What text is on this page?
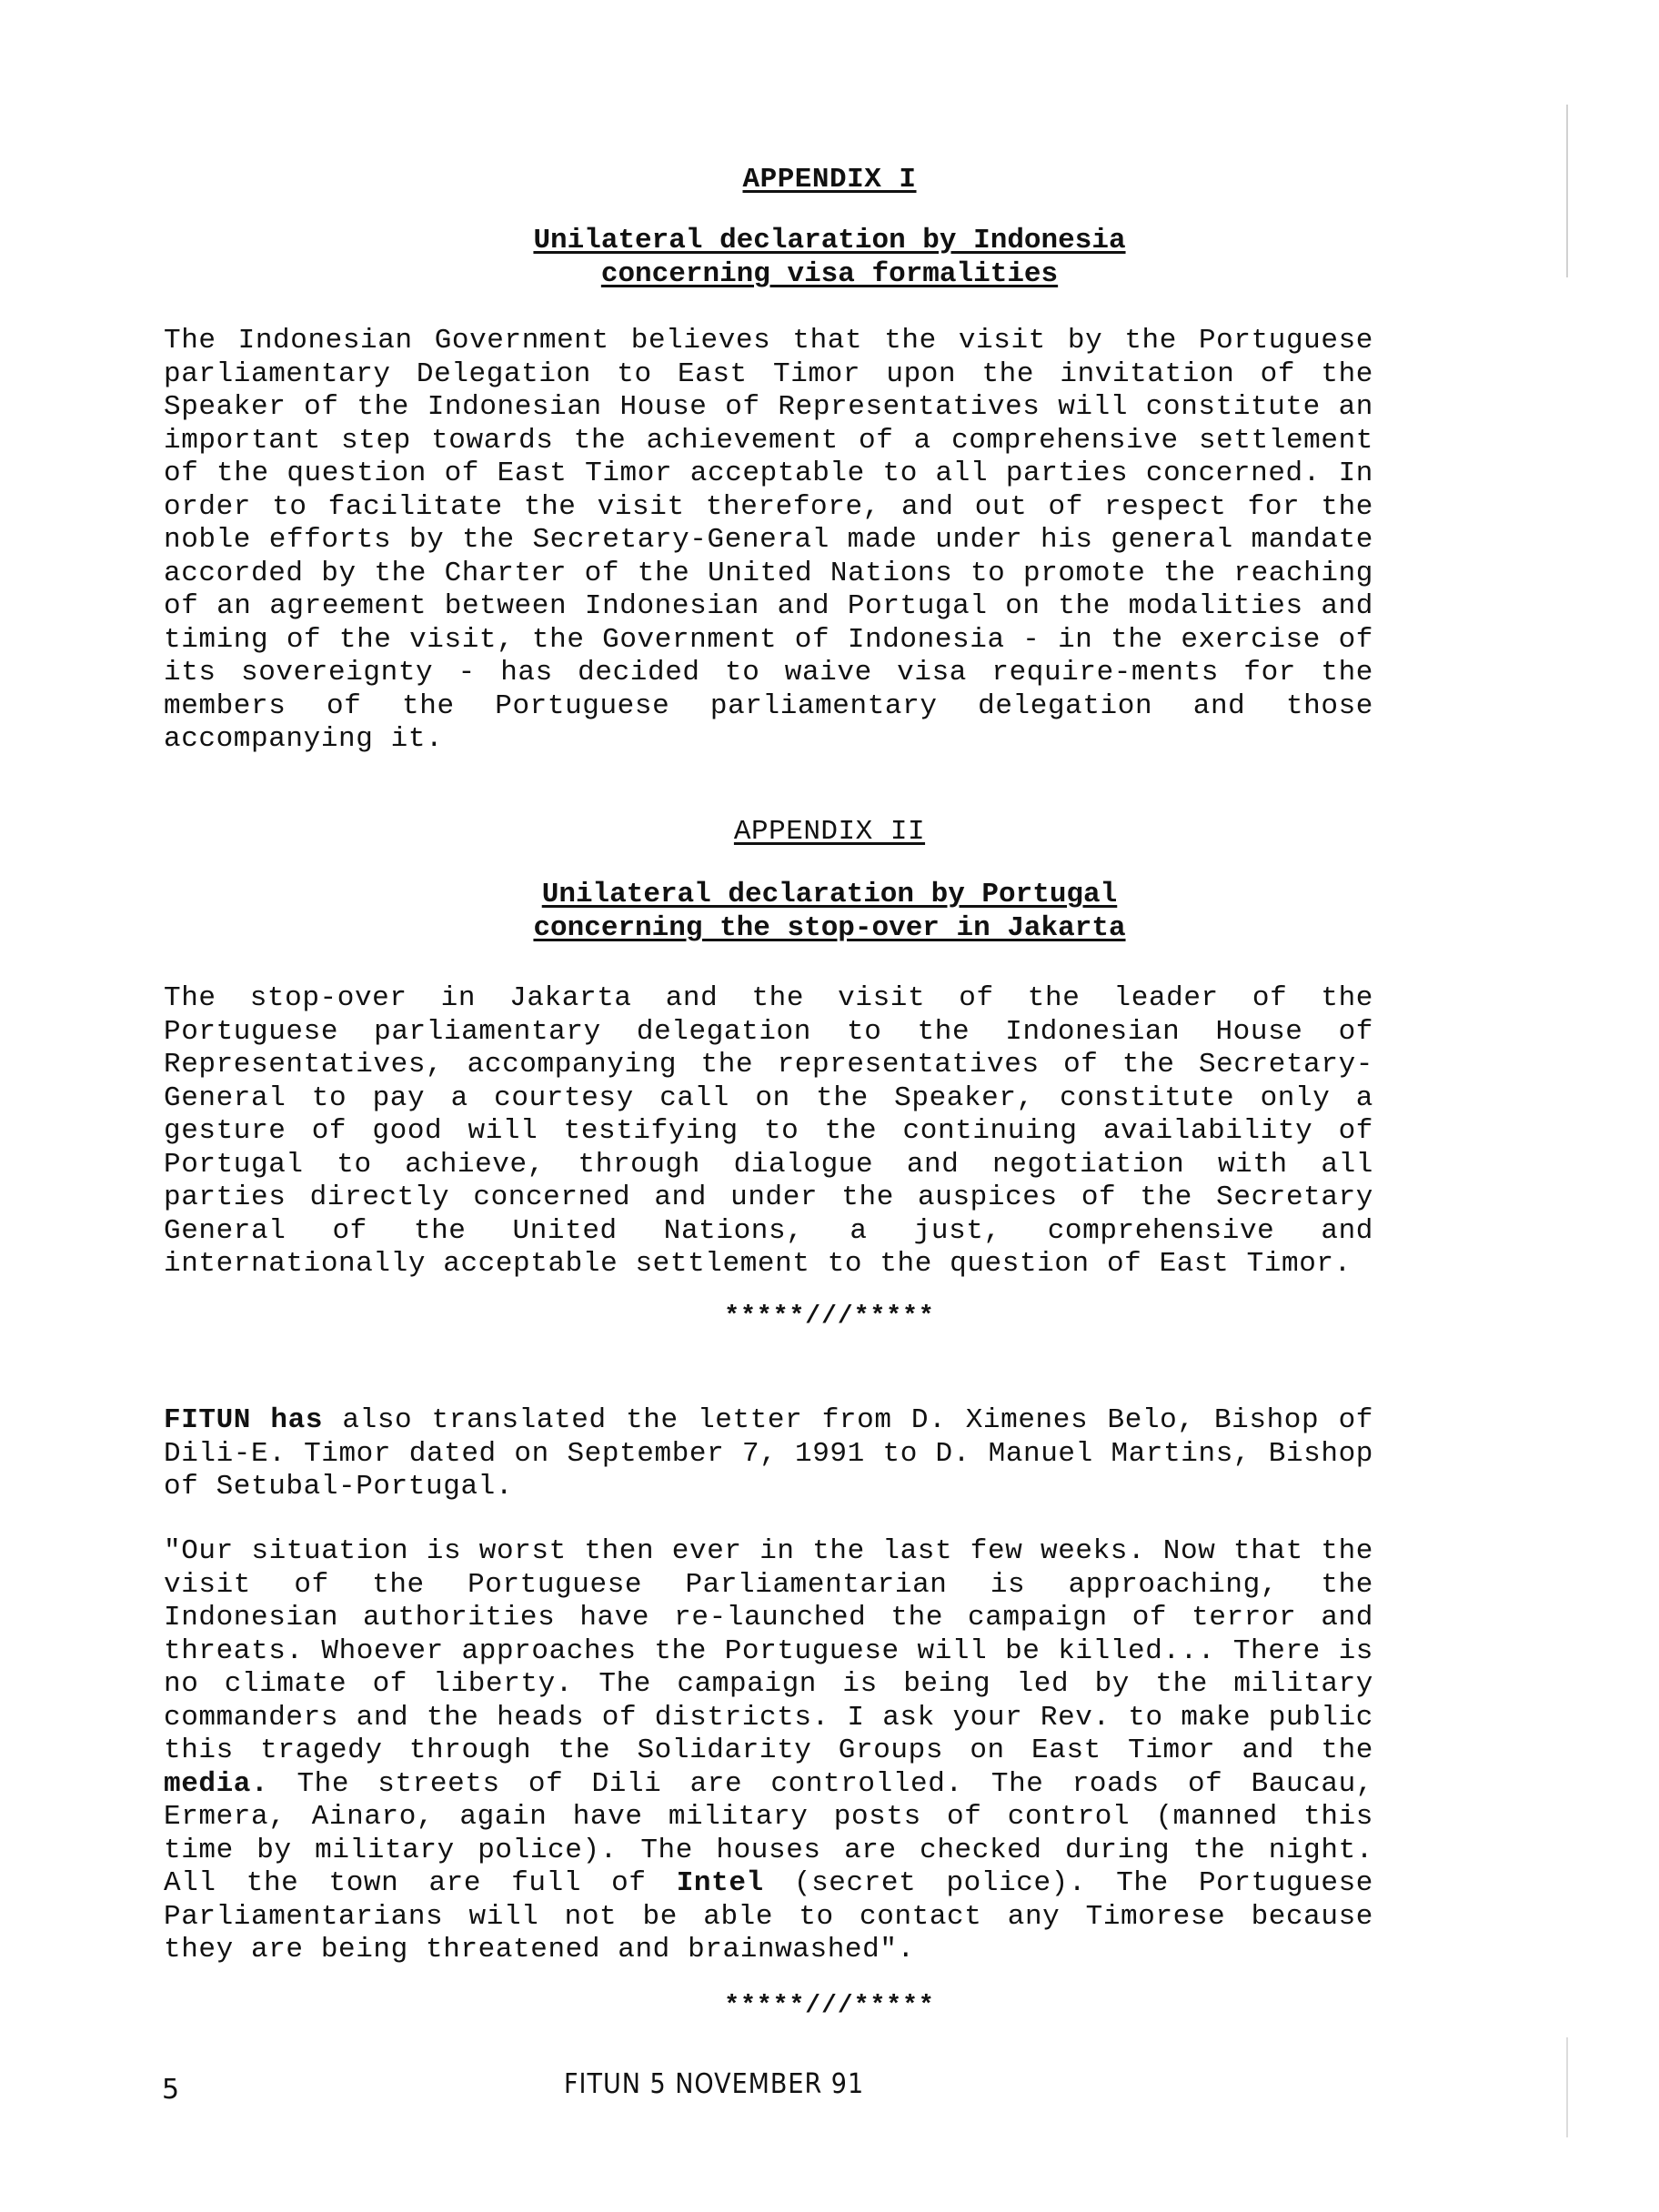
APPENDIX I
Unilateral declaration by Indonesia
concerning visa formalities
The Indonesian Government believes that the visit by the Portuguese parliamentary Delegation to East Timor upon the invitation of the Speaker of the Indonesian House of Representatives will constitute an important step towards the achievement of a comprehensive settlement of the question of East Timor acceptable to all parties concerned. In order to facilitate the visit therefore, and out of respect for the noble efforts by the Secretary-General made under his general mandate accorded by the Charter of the United Nations to promote the reaching of an agreement between Indonesian and Portugal on the modalities and timing of the visit, the Government of Indonesia - in the exercise of its sovereignty - has decided to waive visa require-ments for the members of the Portuguese parliamentary delegation and those accompanying it.
APPENDIX II
Unilateral declaration by Portugal
concerning the stop-over in Jakarta
The stop-over in Jakarta and the visit of the leader of the Portuguese parliamentary delegation to the Indonesian House of Representatives, accompanying the representatives of the Secretary-General to pay a courtesy call on the Speaker, constitute only a gesture of good will testifying to the continuing availability of Portugal to achieve, through dialogue and negotiation with all parties directly concerned and under the auspices of the Secretary General of the United Nations, a just, comprehensive and internationally acceptable settlement to the question of East Timor.
*****///*****
FITUN has also translated the letter from D. Ximenes Belo, Bishop of Dili-E. Timor dated on September 7, 1991 to D. Manuel Martins, Bishop of Setubal-Portugal.
"Our situation is worst then ever in the last few weeks. Now that the visit of the Portuguese Parliamentarian is approaching, the Indonesian authorities have re-launched the campaign of terror and threats. Whoever approaches the Portuguese will be killed... There is no climate of liberty. The campaign is being led by the military commanders and the heads of districts. I ask your Rev. to make public this tragedy through the Solidarity Groups on East Timor and the media. The streets of Dili are controlled. The roads of Baucau, Ermera, Ainaro, again have military posts of control (manned this time by military police). The houses are checked during the night. All the town are full of Intel (secret police). The Portuguese Parliamentarians will not be able to contact any Timorese because they are being threatened and brainwashed".
*****///*****
5	FITUN 5 NOVEMBER 91
